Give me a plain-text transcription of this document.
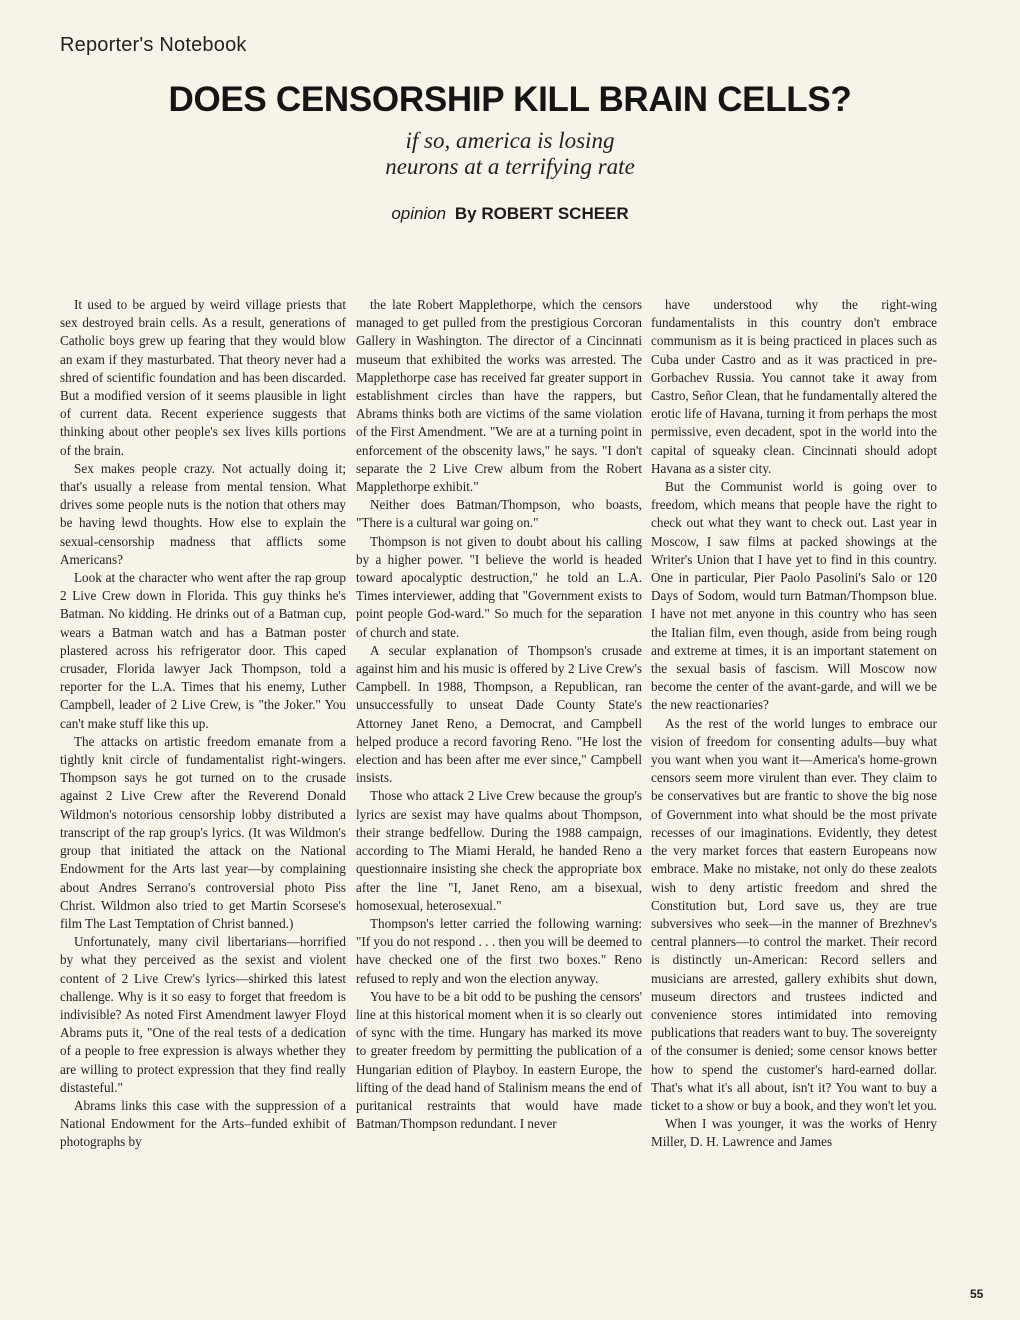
Reporter's Notebook
DOES CENSORSHIP KILL BRAIN CELLS?
if so, america is losing
neurons at a terrifying rate
opinion By ROBERT SCHEER

It used to be argued by weird village priests that sex destroyed brain cells. As a result, generations of Catholic boys grew up fearing that they would blow an exam if they masturbated. That theory never had a shred of scientific foundation and has been discarded. But a modified version of it seems plausible in light of current data. Recent experience suggests that thinking about other people's sex lives kills portions of the brain.

Sex makes people crazy. Not actually doing it; that's usually a release from mental tension. What drives some people nuts is the notion that others may be having lewd thoughts. How else to explain the sexual-censorship madness that afflicts some Americans?

Look at the character who went after the rap group 2 Live Crew down in Florida. This guy thinks he's Batman. No kidding. He drinks out of a Batman cup, wears a Batman watch and has a Batman poster plastered across his refrigerator door. This caped crusader, Florida lawyer Jack Thompson, told a reporter for the L.A. Times that his enemy, Luther Campbell, leader of 2 Live Crew, is "the Joker." You can't make stuff like this up.

The attacks on artistic freedom emanate from a tightly knit circle of fundamentalist right-wingers. Thompson says he got turned on to the crusade against 2 Live Crew after the Reverend Donald Wildmon's notorious censorship lobby distributed a transcript of the rap group's lyrics. (It was Wildmon's group that initiated the attack on the National Endowment for the Arts last year—by complaining about Andres Serrano's controversial photo Piss Christ. Wildmon also tried to get Martin Scorsese's film The Last Temptation of Christ banned.)

Unfortunately, many civil libertarians—horrified by what they perceived as the sexist and violent content of 2 Live Crew's lyrics—shirked this latest challenge. Why is it so easy to forget that freedom is indivisible? As noted First Amendment lawyer Floyd Abrams puts it, "One of the real tests of a dedication of a people to free expression is always whether they are willing to protect expression that they find really distasteful."

Abrams links this case with the suppression of a National Endowment for the Arts–funded exhibit of photographs by

the late Robert Mapplethorpe, which the censors managed to get pulled from the prestigious Corcoran Gallery in Washington. The director of a Cincinnati museum that exhibited the works was arrested. The Mapplethorpe case has received far greater support in establishment circles than have the rappers, but Abrams thinks both are victims of the same violation of the First Amendment. "We are at a turning point in enforcement of the obscenity laws," he says. "I don't separate the 2 Live Crew album from the Robert Mapplethorpe exhibit."

Neither does Batman/Thompson, who boasts, "There is a cultural war going on."

Thompson is not given to doubt about his calling by a higher power. "I believe the world is headed toward apocalyptic destruction," he told an L.A. Times interviewer, adding that "Government exists to point people God-ward." So much for the separation of church and state.

A secular explanation of Thompson's crusade against him and his music is offered by 2 Live Crew's Campbell. In 1988, Thompson, a Republican, ran unsuccessfully to unseat Dade County State's Attorney Janet Reno, a Democrat, and Campbell helped produce a record favoring Reno. "He lost the election and has been after me ever since," Campbell insists.

Those who attack 2 Live Crew because the group's lyrics are sexist may have qualms about Thompson, their strange bedfellow. During the 1988 campaign, according to The Miami Herald, he handed Reno a questionnaire insisting she check the appropriate box after the line "I, Janet Reno, am a bisexual, homosexual, heterosexual."

Thompson's letter carried the following warning: "If you do not respond . . . then you will be deemed to have checked one of the first two boxes." Reno refused to reply and won the election anyway.

You have to be a bit odd to be pushing the censors' line at this historical moment when it is so clearly out of sync with the time. Hungary has marked its move to greater freedom by permitting the publication of a Hungarian edition of Playboy. In eastern Europe, the lifting of the dead hand of Stalinism means the end of puritanical restraints that would have made Batman/Thompson redundant. I never

have understood why the right-wing fundamentalists in this country don't embrace communism as it is being practiced in places such as Cuba under Castro and as it was practiced in pre-Gorbachev Russia. You cannot take it away from Castro, Señor Clean, that he fundamentally altered the erotic life of Havana, turning it from perhaps the most permissive, even decadent, spot in the world into the capital of squeaky clean. Cincinnati should adopt Havana as a sister city.

But the Communist world is going over to freedom, which means that people have the right to check out what they want to check out. Last year in Moscow, I saw films at packed showings at the Writer's Union that I have yet to find in this country. One in particular, Pier Paolo Pasolini's Salo or 120 Days of Sodom, would turn Batman/Thompson blue. I have not met anyone in this country who has seen the Italian film, even though, aside from being rough and extreme at times, it is an important statement on the sexual basis of fascism. Will Moscow now become the center of the avant-garde, and will we be the new reactionaries?

As the rest of the world lunges to embrace our vision of freedom for consenting adults—buy what you want when you want it—America's home-grown censors seem more virulent than ever. They claim to be conservatives but are frantic to shove the big nose of Government into what should be the most private recesses of our imaginations. Evidently, they detest the very market forces that eastern Europeans now embrace. Make no mistake, not only do these zealots wish to deny artistic freedom and shred the Constitution but, Lord save us, they are true subversives who seek—in the manner of Brezhnev's central planners—to control the market. Their record is distinctly un-American: Record sellers and musicians are arrested, gallery exhibits shut down, museum directors and trustees indicted and convenience stores intimidated into removing publications that readers want to buy. The sovereignty of the consumer is denied; some censor knows better how to spend the customer's hard-earned dollar. That's what it's all about, isn't it? You want to buy a ticket to a show or buy a book, and they won't let you.

When I was younger, it was the works of Henry Miller, D. H. Lawrence and James

55
